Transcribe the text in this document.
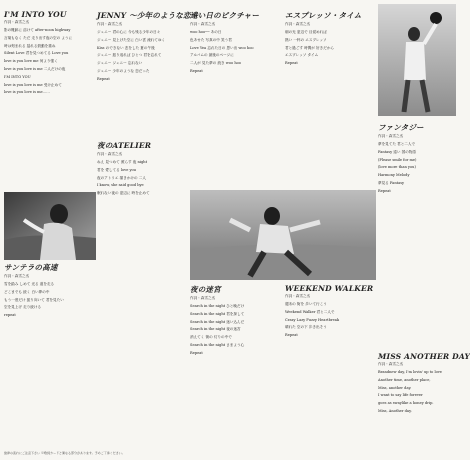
I'M INTO YOU
作詞・森雪之丞

影の靴跡に 溶けて after-noon highway

言葉もなく ただ 走り出す夜の空の ように

時は刻まれる 揺れる鼓動を重ね

Silent Love 君を見つめてる Love you

love is you love me 何より強く

love is you love is me 二人だけの夜

I'M INTO YOU

love is you love is me 受け止めて

love is you love is me……

サンテラの高速
作詞・森雪之丞

雪を踏み しめて 光る 道を走る

どこまでも 続く 白い夢の中

もう一度だけ 振り向いて 君を見たい

空を見上げ 走り続ける

repeat

JENNY ～少年のような恋～
作詞・森雪之丞

ジェニー 君の心に 今も残る少年の日々

ジェニー 見上げた空に 白い雲 流れてゆく

Kiss のできない 恋をした 夏の午後

ジェニー 振り返れば ひとつ 君を忘れて

ジェニー ジェニー 忘れない

ジェニー 少年のような 恋だった

Repeat

夜のATELIER
作詞・森雪之丞

ねえ 見つめて 照らす 夜 night

君を 愛してる love you

夜のアトリエ 描きかけの 二人

I know, she said good bye

眠れない夜の 窓辺に 時を止めて

遠い日のピクチャー
作詞・森雪之丞

woo hoo── あの日

色あせた 写真の中 笑う君

Love Yea 忘れた日の 思い出 woo hoo

アルバムの 最後のページに

二人が 見た夢の 続き woo hoo

Repeat

夜の迷宮
作詞・森雪之丞

Search in the night ひと晩だけ

Search in the night 君を探して

Search in the night 迷い込んだ

Search in the night 夜の迷宮

消えてく 街の 灯りの中で

Search in the night さまよう心

Repeat

エスプレッソ・タイム
作詞・森雪之丞

朝の光 窓辺で 目覚めれば

熱い 一杯の エスプレッソ

君と過ごす 時間が 好きだから

エスプレッソ タイム

Repeat

WEEKEND WALKER
作詞・森雪之丞

週末の 街を 歩いて行こう

Weekend Walker 君と二人で

Crazy Lazy Fuzzy Heartbreak

晴れた 空の下 歩き出そう

Repeat

ファンタジー
作詞・森雪之丞

夢を見てた 君と二人で

Fantasy 遠い 国の物語

(Please smile for me)

(love more than you)

Harmony Melody

夢見る Fantasy

Repeat

MISS ANOTHER DAY
作詞・森雪之丞

Brandnew day, I'm lovin' up to love

Another time, another place,

Miss, another day.

I want to say life forever

goes as swaylike a honey drip.

Miss, Another day.

旋律の流れにご注意下さい ※歌詞カードと異なる部分があります。予めご了承ください。
